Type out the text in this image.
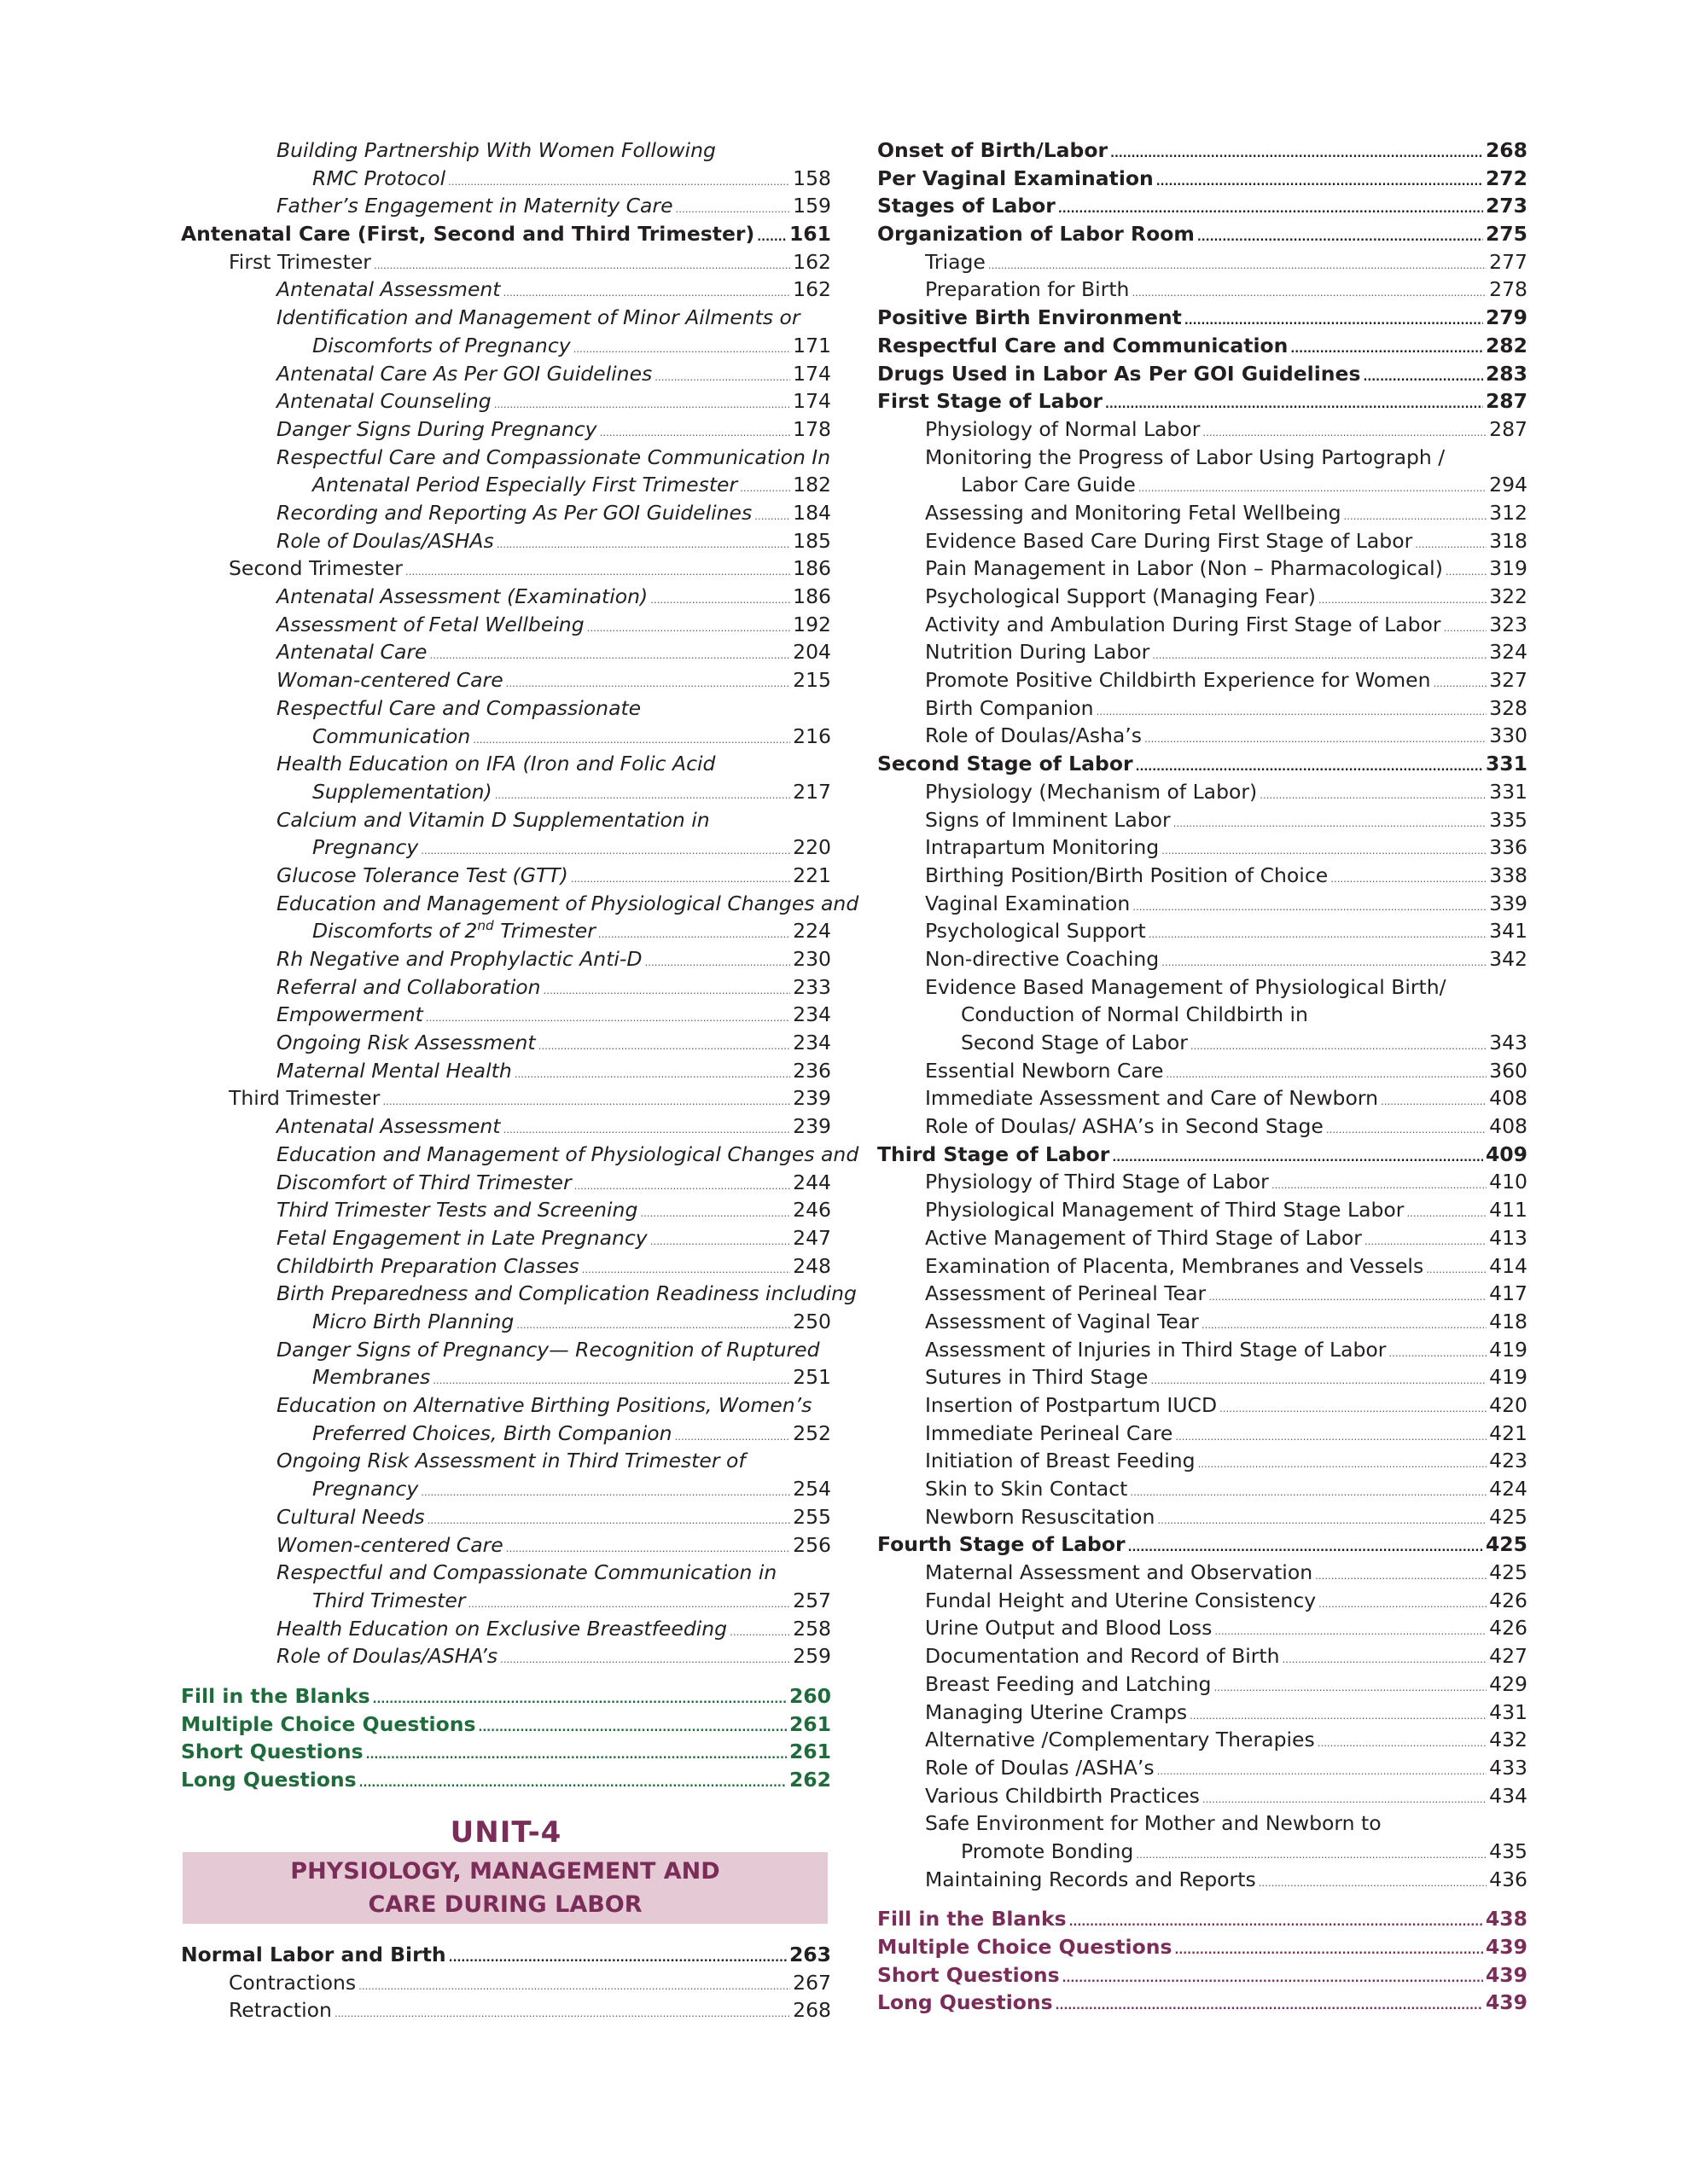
Building Partnership With Women Following
RMC Protocol .....	158
Father’s Engagement in Maternity Care .....	159
Antenatal Care (First, Second and Third Trimester) ..... 161
First Trimester .....	162
Antenatal Assessment .....	162
Identification and Management of Minor Ailments or
Discomforts of Pregnancy .....	171
Antenatal Care As Per GOI Guidelines .....	174
Antenatal Counseling .....	174
Danger Signs During Pregnancy .....	178
Respectful Care and Compassionate Communication In
Antenatal Period Especially First Trimester .....	182
Recording and Reporting As Per GOI Guidelines ..... 184
Role of Doulas/ASHAs .....	185
Second Trimester .....	186
Antenatal Assessment (Examination) .....	186
Assessment of Fetal Wellbeing .....	192
Antenatal Care .....	204
Woman-centered Care .....	215
Respectful Care and Compassionate
Communication .....	216
Health Education on IFA (Iron and Folic Acid
Supplementation) .....	217
Calcium and Vitamin D Supplementation in
Pregnancy .....	220
Glucose Tolerance Test (GTT) .....	221
Education and Management of Physiological Changes and
Discomforts of 2nd Trimester .....	224
Rh Negative and Prophylactic Anti-D .....	230
Referral and Collaboration .....	233
Empowerment .....	234
Ongoing Risk Assessment .....	234
Maternal Mental Health .....	236
Third Trimester .....	239
Antenatal Assessment .....	239
Education and Management of Physiological Changes and
Discomfort of Third Trimester .....	244
Third Trimester Tests and Screening .....	246
Fetal Engagement in Late Pregnancy .....	247
Childbirth Preparation Classes .....	248
Birth Preparedness and Complication Readiness including
Micro Birth Planning .....	250
Danger Signs of Pregnancy— Recognition of Ruptured
Membranes .....	251
Education on Alternative Birthing Positions, Women’s
Preferred Choices, Birth Companion .....	252
Ongoing Risk Assessment in Third Trimester of
Pregnancy .....	254
Cultural Needs .....	255
Women-centered Care .....	256
Respectful and Compassionate Communication in
Third Trimester .....	257
Health Education on Exclusive Breastfeeding .....	258
Role of Doulas/ASHA’s .....	259
Fill in the Blanks .....	260
Multiple Choice Questions .....	261
Short Questions .....	261
Long Questions .....	262
UNIT-4
PHYSIOLOGY, MANAGEMENT AND
CARE DURING LABOR
Normal Labor and Birth .....	263
Contractions .....	267
Retraction .....	268
Onset of Birth/Labor .....	268
Per Vaginal Examination .....	272
Stages of Labor .....	273
Organization of Labor Room .....	275
Triage .....	277
Preparation for Birth .....	278
Positive Birth Environment .....	279
Respectful Care and Communication .....	282
Drugs Used in Labor As Per GOI Guidelines .....	283
First Stage of Labor .....	287
Physiology of Normal Labor .....	287
Monitoring the Progress of Labor Using Partograph /
Labor Care Guide .....	294
Assessing and Monitoring Fetal Wellbeing .....	312
Evidence Based Care During First Stage of Labor .....	318
Pain Management in Labor (Non – Pharmacological) ..... 319
Psychological Support (Managing Fear) .....	322
Activity and Ambulation During First Stage of Labor ..... 323
Nutrition During Labor .....	324
Promote Positive Childbirth Experience for Women .....	327
Birth Companion .....	328
Role of Doulas/Asha’s .....	330
Second Stage of Labor .....	331
Physiology (Mechanism of Labor) .....	331
Signs of Imminent Labor .....	335
Intrapartum Monitoring .....	336
Birthing Position/Birth Position of Choice .....	338
Vaginal Examination .....	339
Psychological Support .....	341
Non-directive Coaching .....	342
Evidence Based Management of Physiological Birth/
Conduction of Normal Childbirth in
Second Stage of Labor .....	343
Essential Newborn Care .....	360
Immediate Assessment and Care of Newborn .....	408
Role of Doulas/ ASHA’s in Second Stage .....	408
Third Stage of Labor .....	409
Physiology of Third Stage of Labor .....	410
Physiological Management of Third Stage Labor .....	411
Active Management of Third Stage of Labor .....	413
Examination of Placenta, Membranes and Vessels .....	414
Assessment of Perineal Tear .....	417
Assessment of Vaginal Tear .....	418
Assessment of Injuries in Third Stage of Labor .....	419
Sutures in Third Stage .....	419
Insertion of Postpartum IUCD .....	420
Immediate Perineal Care .....	421
Initiation of Breast Feeding .....	423
Skin to Skin Contact .....	424
Newborn Resuscitation .....	425
Fourth Stage of Labor .....	425
Maternal Assessment and Observation .....	425
Fundal Height and Uterine Consistency .....	426
Urine Output and Blood Loss .....	426
Documentation and Record of Birth .....	427
Breast Feeding and Latching .....	429
Managing Uterine Cramps .....	431
Alternative /Complementary Therapies .....	432
Role of Doulas /ASHA’s .....	433
Various Childbirth Practices .....	434
Safe Environment for Mother and Newborn to
Promote Bonding .....	435
Maintaining Records and Reports .....	436
Fill in the Blanks .....	438
Multiple Choice Questions .....	439
Short Questions .....	439
Long Questions .....	439
